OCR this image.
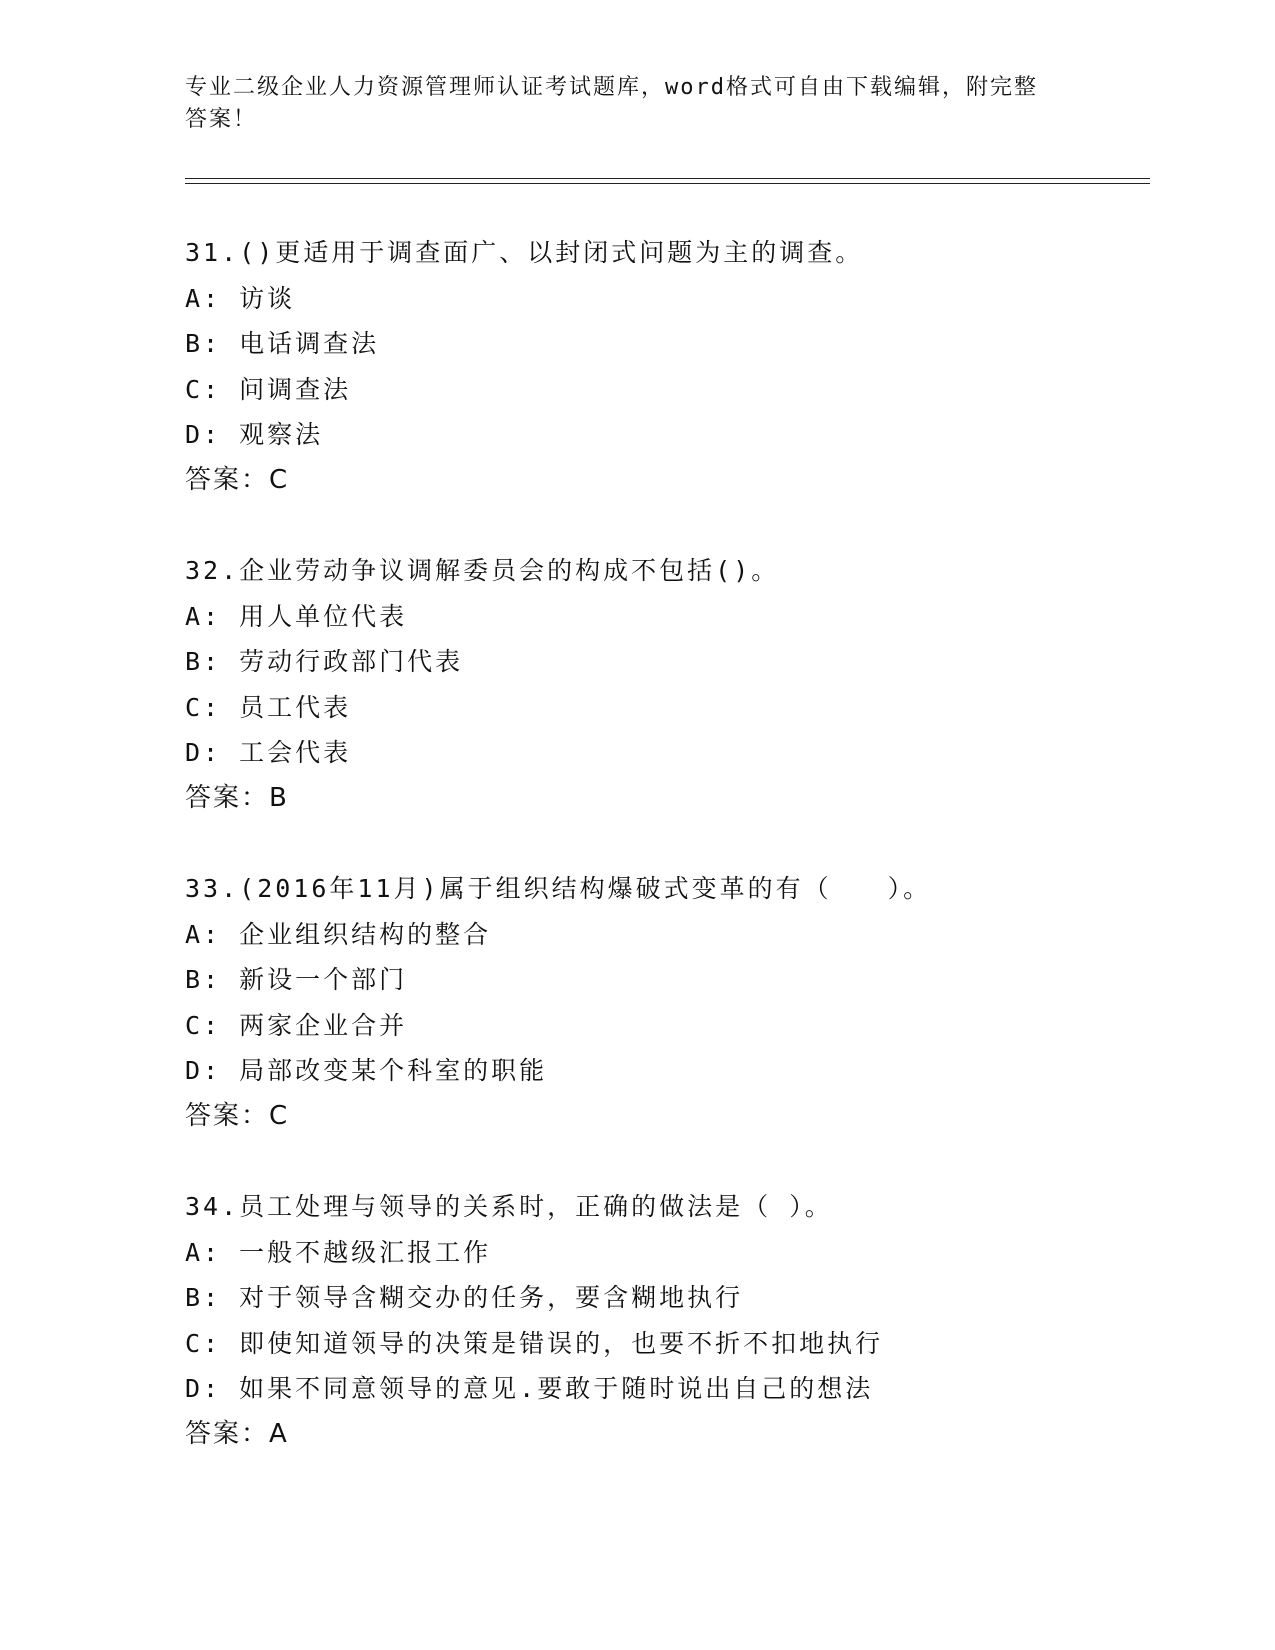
专业二级企业人力资源管理师认证考试题库，word格式可自由下载编辑，附完整
答案！
31.()更适用于调查面广、以封闭式问题为主的调查。
A: 访谈
B: 电话调查法
C: 问调查法
D: 观察法
答案：C
32.企业劳动争议调解委员会的构成不包括()。
A: 用人单位代表
B: 劳动行政部门代表
C: 员工代表
D: 工会代表
答案：B
33.(2016年11月)属于组织结构爆破式变革的有（　　）。
A: 企业组织结构的整合
B: 新设一个部门
C: 两家企业合并
D: 局部改变某个科室的职能
答案：C
34.员工处理与领导的关系时，正确的做法是（ ）。
A: 一般不越级汇报工作
B: 对于领导含糊交办的任务，要含糊地执行
C: 即使知道领导的决策是错误的，也要不折不扣地执行
D: 如果不同意领导的意见.要敢于随时说出自己的想法
答案：A
